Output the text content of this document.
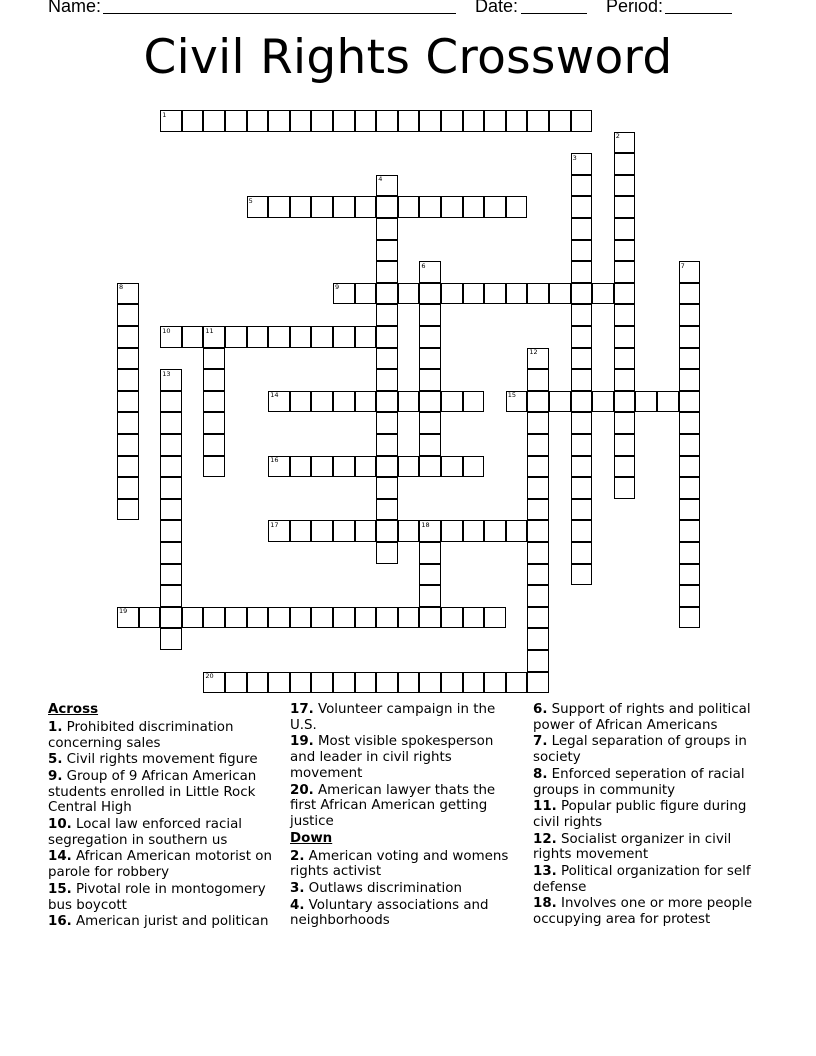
Name:	Date:	Period:
Civil Rights Crossword
1
2
3
4
5
6	7
8	9
10	11
12
13
14	15
16
17	18
19
20
Across
1. Prohibited discrimination concerning sales
5. Civil rights movement figure
9. Group of 9 African American students enrolled in Little Rock Central High
10. Local law enforced racial segregation in southern us
14. African American motorist on parole for robbery
15. Pivotal role in montogomery bus boycott
16. American jurist and politican
17. Volunteer campaign in the U.S.
19. Most visible spokesperson and leader in civil rights movement
20. American lawyer thats the first African American getting justice
Down
2. American voting and womens rights activist
3. Outlaws discrimination
4. Voluntary associations and neighborhoods
6. Support of rights and political power of African Americans
7. Legal separation of groups in society
8. Enforced seperation of racial groups in community
11. Popular public figure during civil rights
12. Socialist organizer in civil rights movement
13. Political organization for self defense
18. Involves one or more people occupying area for protest
